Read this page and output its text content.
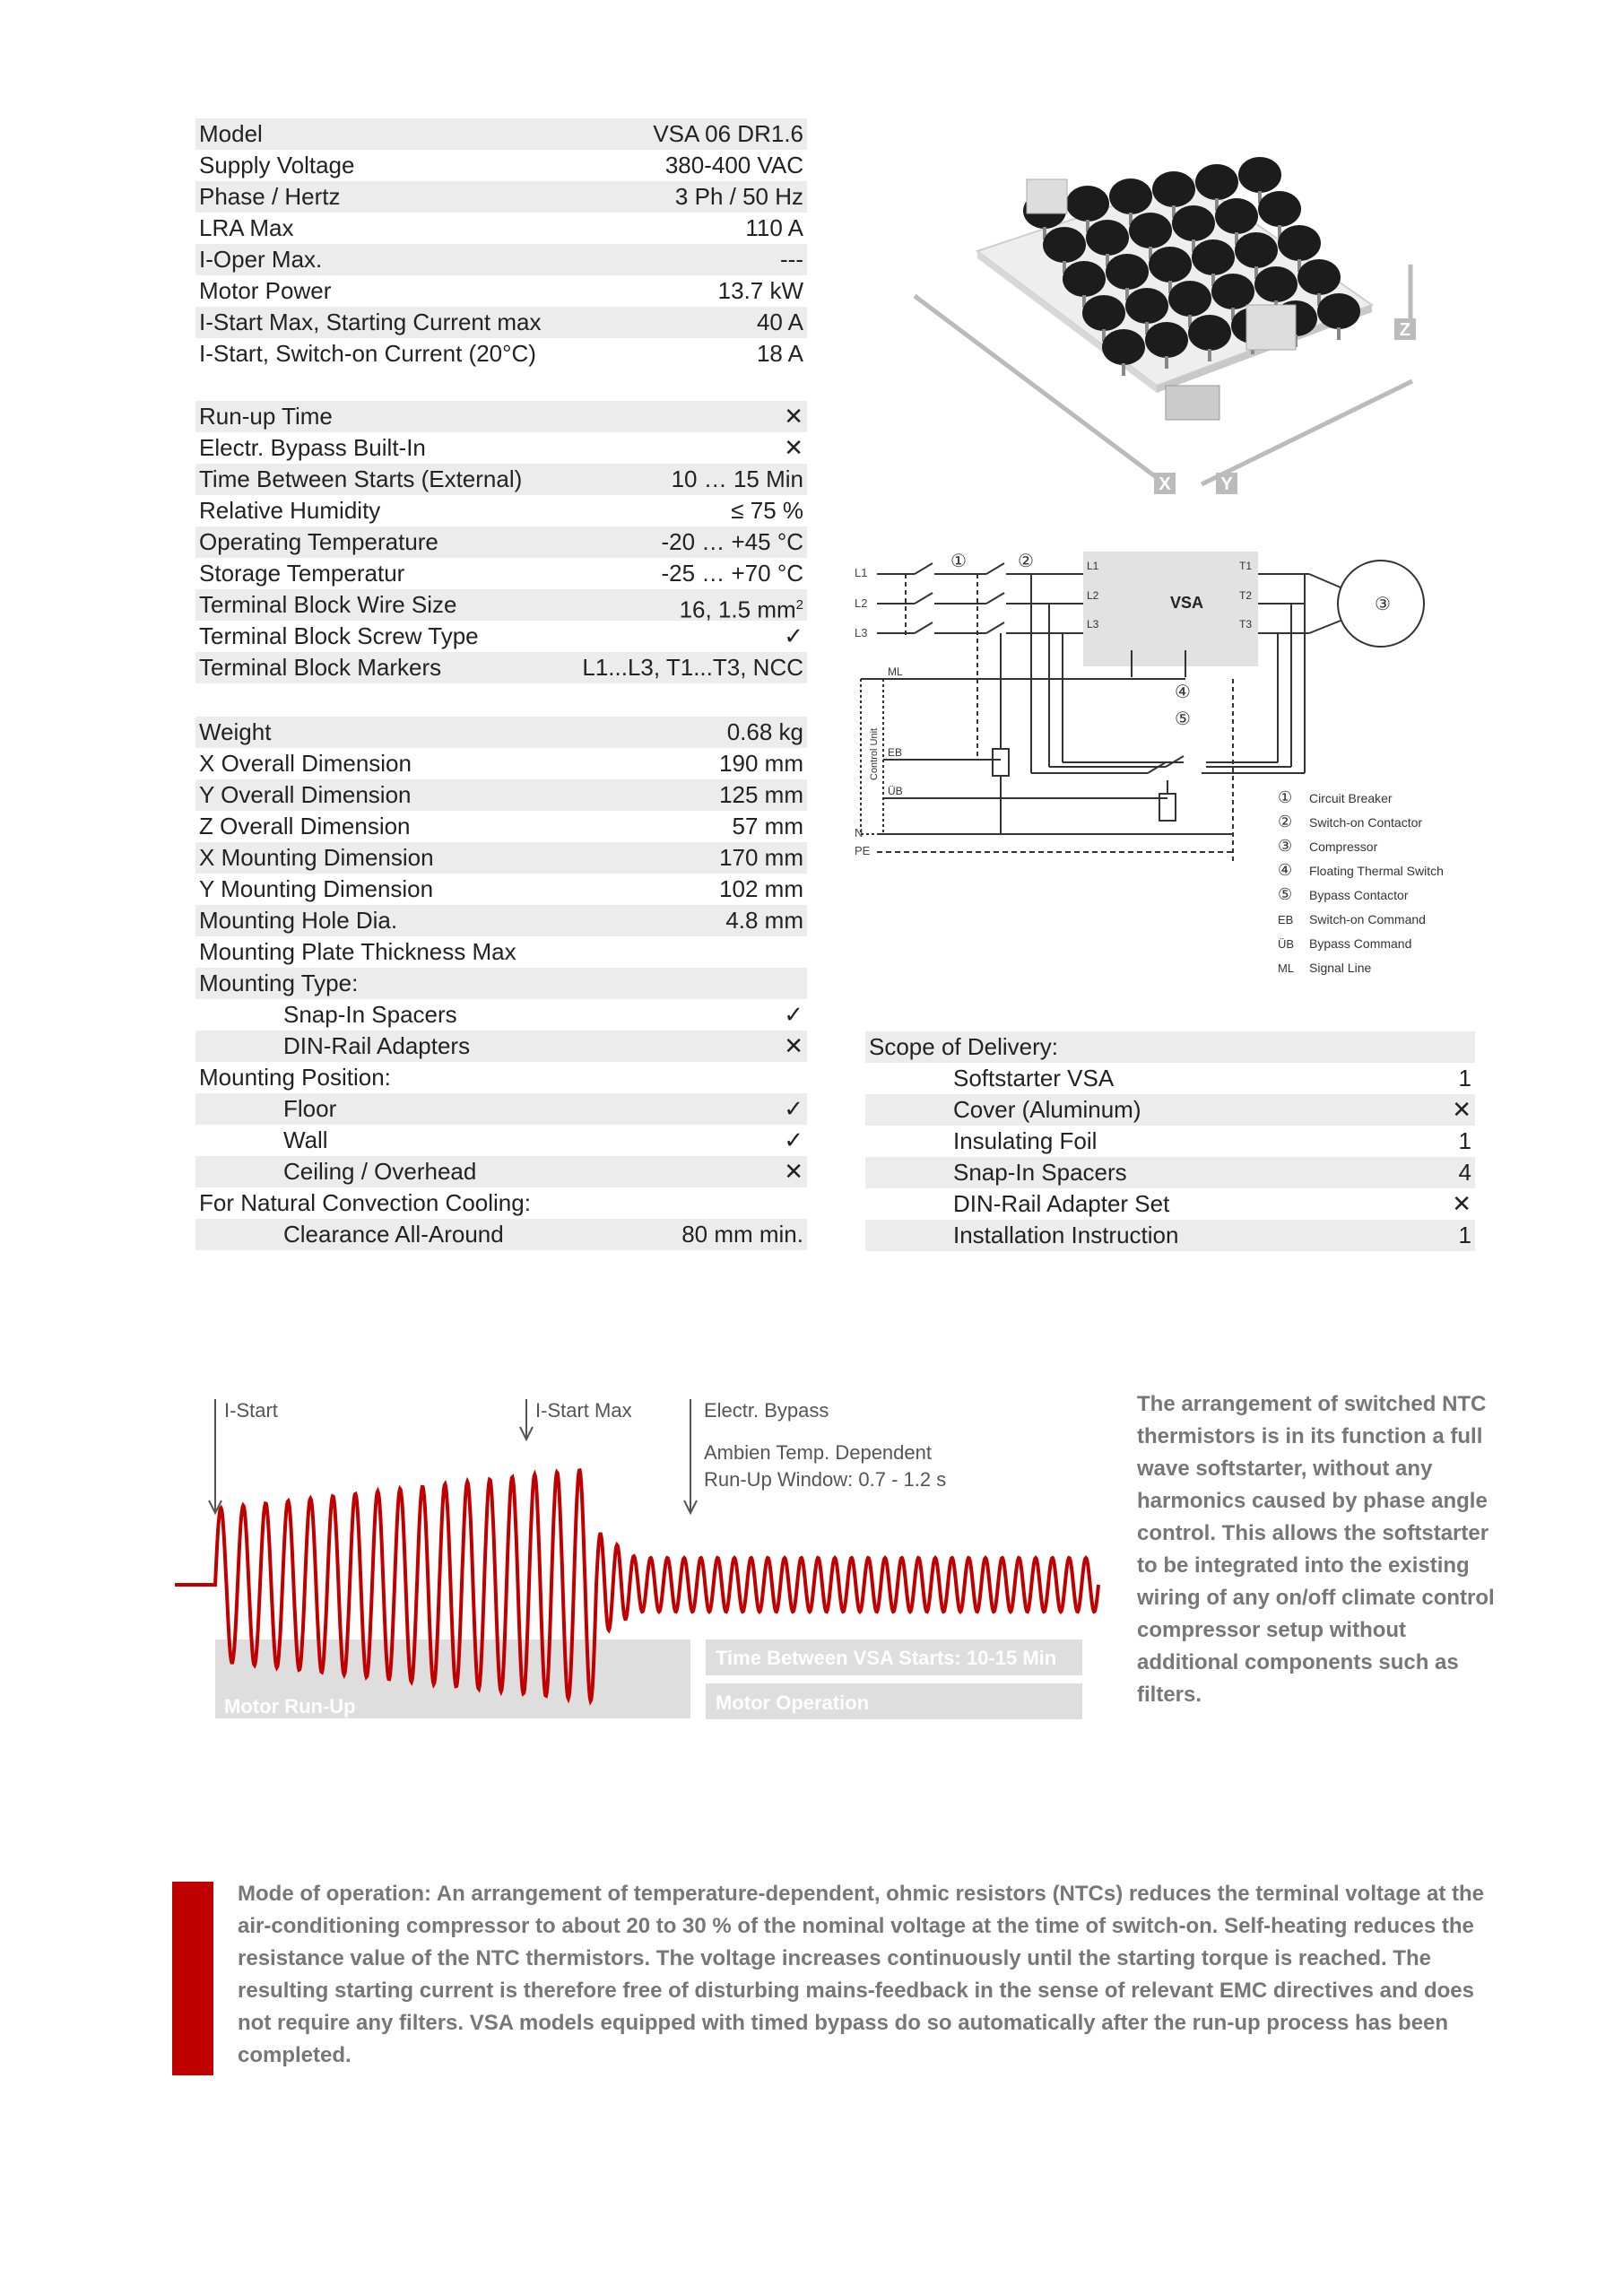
Model	VSA 06 DR1.6
Supply Voltage	380-400 VAC
Phase / Hertz	3 Ph / 50 Hz
LRA Max	110 A
I-Oper Max.	---
Motor Power	13.7 kW
I-Start Max, Starting Current max	40 A
I-Start, Switch-on Current (20°C)	18 A
Run-up Time	✕
Electr. Bypass Built-In	✕
Time Between Starts (External)	10 … 15 Min
Relative Humidity	≤ 75 %
Operating Temperature	-20 … +45 °C
Storage Temperatur	-25 … +70 °C
Terminal Block Wire Size	16, 1.5 $mm^2$
Terminal Block Screw Type	✓
Terminal Block Markers	L1...L3, T1...T3, NCC
Weight	0.68 kg
X Overall Dimension	190 mm
Y Overall Dimension	125 mm
Z Overall Dimension	57 mm
X Mounting Dimension	170 mm
Y Mounting Dimension	102 mm
Mounting Hole Dia.	4.8 mm
Mounting Plate Thickness Max
Mounting Type:
Snap-In Spacers	✓
DIN-Rail Adapters	✕
Mounting Position:
Floor	✓
Wall	✓
Ceiling / Overhead	✕
For Natural Convection Cooling:
Clearance All-Around	80 mm min.
Scope of Delivery:
Softstarter VSA	1
Cover (Aluminum)	✕
Insulating Foil	1
Snap-In Spacers	4
DIN-Rail Adapter Set	✕
Installation Instruction	1
Z
X	Y
L1
L2
L3
N
PE
VSA
L1
L2
L3
T1
T2
T3
ML
EB
ÜB
Control Unit
①	②
③
④
⑤
① Circuit Breaker
② Switch-on Contactor
③ Compressor
④ Floating Thermal Switch
⑤ Bypass Contactor
EB Switch-on Command
ÜB Bypass Command
ML Signal Line
Motor Run-Up
Time Between VSA Starts: 10-15 Min
Motor Operation
I-Start	I-Start Max	Electr. Bypass
Ambien Temp. Dependent
Run-Up Window: 0.7 - 1.2 s
The arrangement of switched NTC thermistors is in its function a full wave softstarter, without any harmonics caused by phase angle control. This allows the softstarter to be integrated into the existing wiring of any on/off climate control compressor setup without additional components such as filters.
Mode of operation: An arrangement of temperature-dependent, ohmic resistors (NTCs) reduces the terminal voltage at the air-conditioning compressor to about 20 to 30 % of the nominal voltage at the time of switch-on. Self-heating reduces the resistance value of the NTC thermistors. The voltage increases continuously until the starting torque is reached. The resulting starting current is therefore free of disturbing mains-feedback in the sense of relevant EMC directives and does not require any filters. VSA models equipped with timed bypass do so automatically after the run-up process has been completed.
